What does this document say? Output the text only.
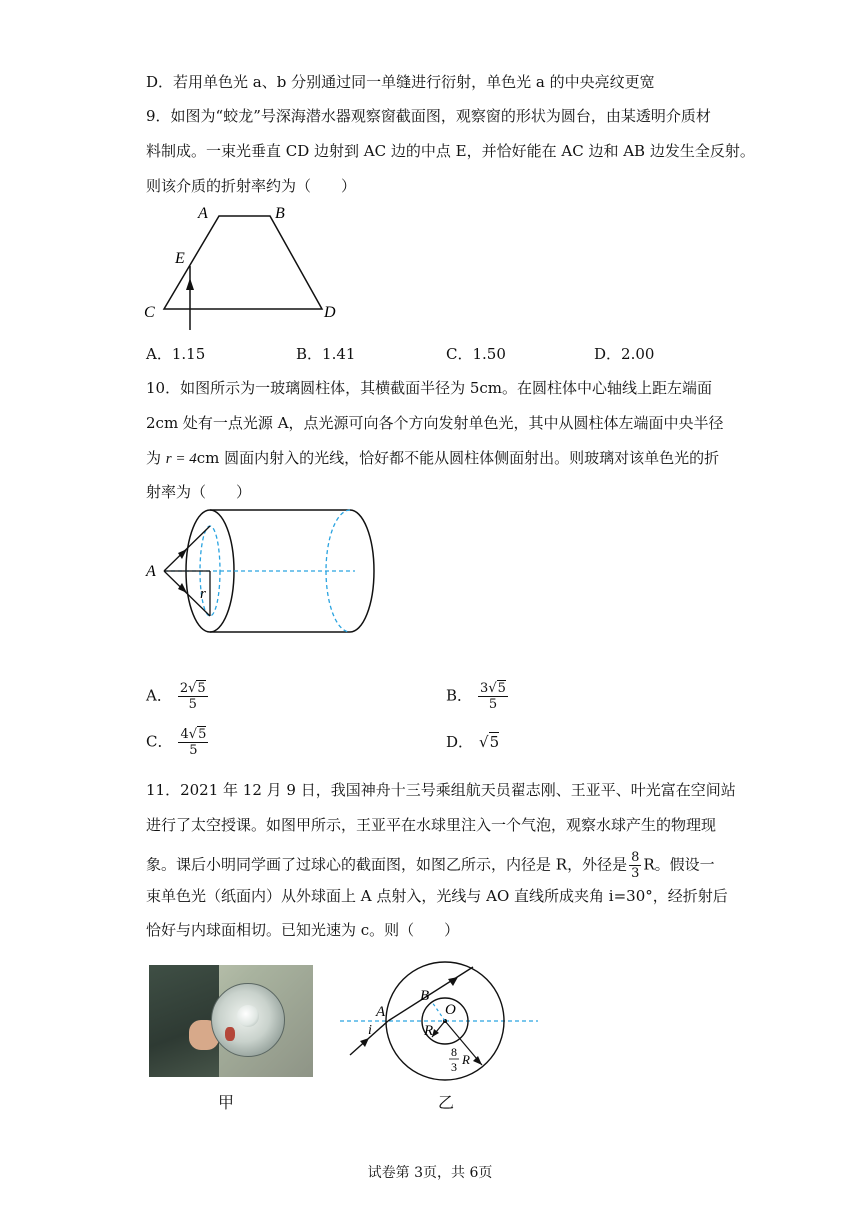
D．若用单色光 a、b 分别通过同一单缝进行衍射，单色光 a 的中央亮纹更宽
9．如图为“蛟龙”号深海潜水器观察窗截面图，观察窗的形状为圆台，由某透明介质材
料制成。一束光垂直 CD 边射到 AC 边的中点 E，并恰好能在 AC 边和 AB 边发生全反射。
则该介质的折射率约为（　　）
A	B
E
C	D
A．1.15	B．1.41	C．1.50	D．2.00
10．如图所示为一玻璃圆柱体，其横截面半径为 5cm。在圆柱体中心轴线上距左端面
2cm 处有一点光源 A，点光源可向各个方向发射单色光，其中从圆柱体左端面中央半径
为 r = 4cm 圆面内射入的光线，恰好都不能从圆柱体侧面射出。则玻璃对该单色光的折
射率为（　　）
A
r
A． $\frac{2√5}{5}$	B． $\frac{3√5}{5}$
C． $\frac{4√5}{5}$	D． √5
11．2021 年 12 月 9 日，我国神舟十三号乘组航天员翟志刚、王亚平、叶光富在空间站
进行了太空授课。如图甲所示，王亚平在水球里注入一个气泡，观察水球产生的物理现
象。课后小明同学画了过球心的截面图，如图乙所示，内径是 R，外径是 $\frac{8}{3}$ R。假设一
束单色光（纸面内）从外球面上 A 点射入，光线与 AO 直线所成夹角 i=30°，经折射后
恰好与内球面相切。已知光速为 c。则（　　）
甲
A
i
B
O
R
8
3 R
乙
试卷第 3页，共 6页
